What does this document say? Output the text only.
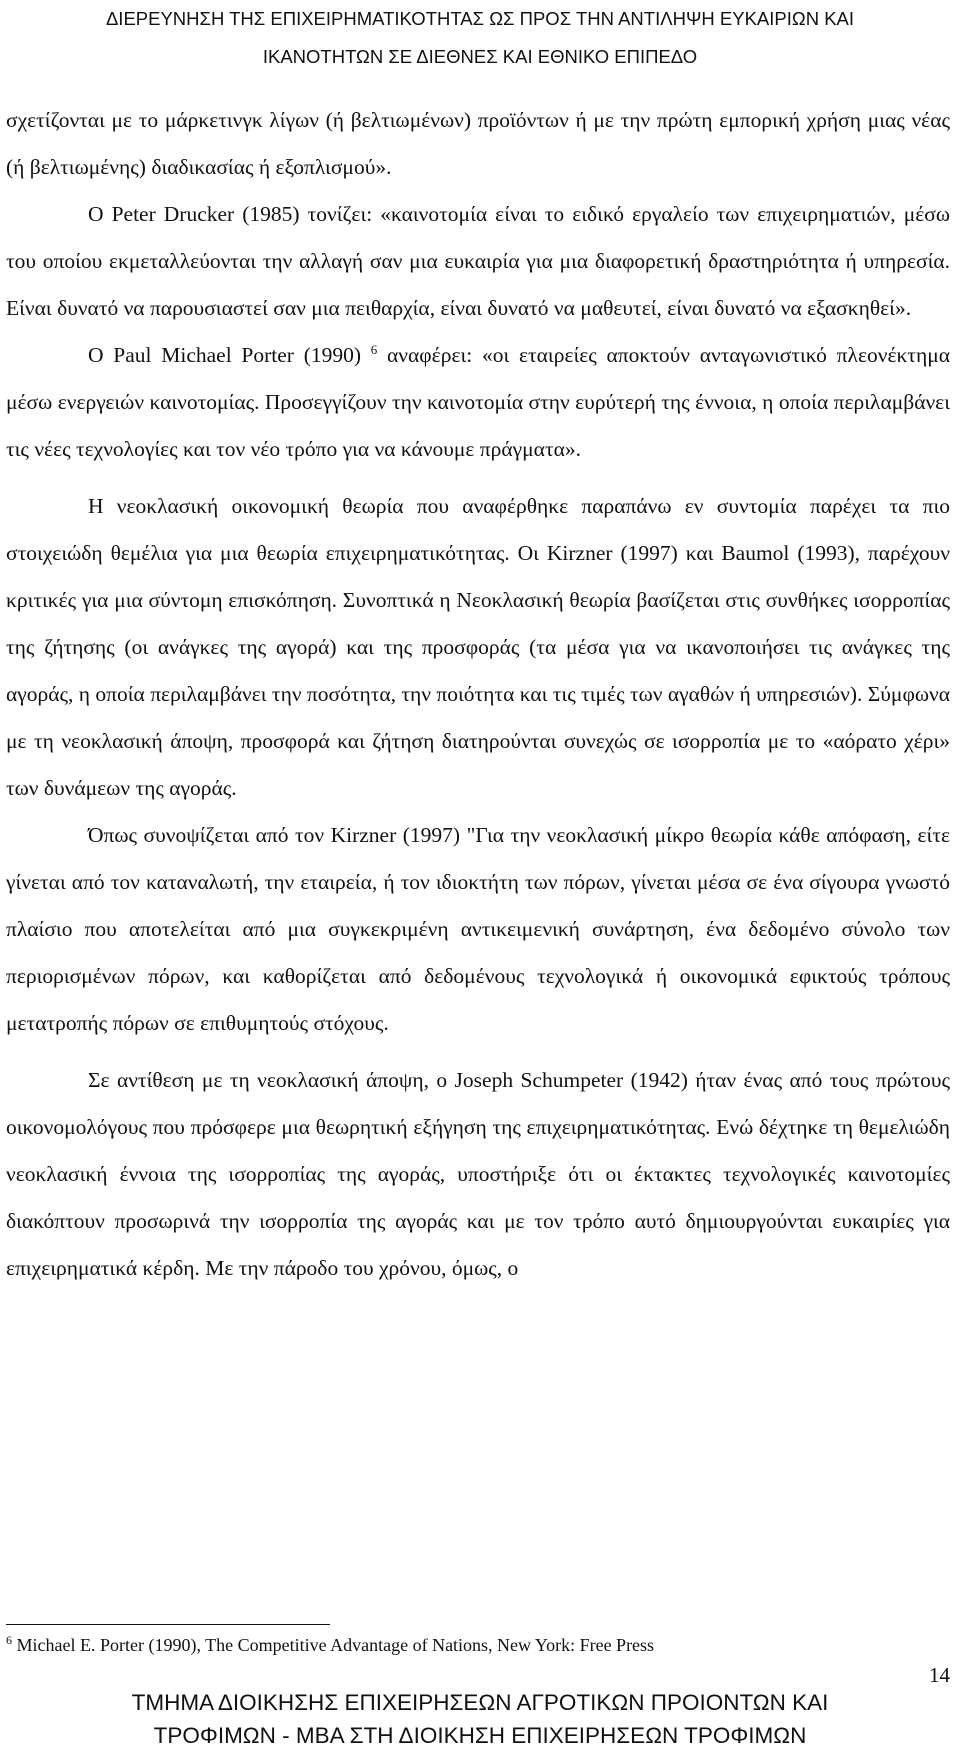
ΔΙΕΡΕΥΝΗΣΗ ΤΗΣ ΕΠΙΧΕΙΡΗΜΑΤΙΚΟΤΗΤΑΣ ΩΣ ΠΡΟΣ ΤΗΝ ΑΝΤΙΛΗΨΗ ΕΥΚΑΙΡΙΩΝ ΚΑΙ
ΙΚΑΝΟΤΗΤΩΝ ΣΕ ΔΙΕΘΝΕΣ ΚΑΙ ΕΘΝΙΚΟ ΕΠΙΠΕΔΟ

σχετίζονται με το μάρκετινγκ λίγων (ή βελτιωμένων) προϊόντων ή με την πρώτη εμπορική χρήση μιας νέας (ή βελτιωμένης) διαδικασίας ή εξοπλισμού».

Ο Peter Drucker (1985) τονίζει: «καινοτομία είναι το ειδικό εργαλείο των επιχειρηματιών, μέσω του οποίου εκμεταλλεύονται την αλλαγή σαν μια ευκαιρία για μια διαφορετική δραστηριότητα ή υπηρεσία. Είναι δυνατό να παρουσιαστεί σαν μια πειθαρχία, είναι δυνατό να μαθευτεί, είναι δυνατό να εξασκηθεί».

Ο Paul Michael Porter (1990) $^6$ αναφέρει: «οι εταιρείες αποκτούν ανταγωνιστικό πλεονέκτημα μέσω ενεργειών καινοτομίας. Προσεγγίζουν την καινοτομία στην ευρύτερή της έννοια, η οποία περιλαμβάνει τις νέες τεχνολογίες και τον νέο τρόπο για να κάνουμε πράγματα».

Η νεοκλασική οικονομική θεωρία που αναφέρθηκε παραπάνω εν συντομία παρέχει τα πιο στοιχειώδη θεμέλια για μια θεωρία επιχειρηματικότητας. Οι Kirzner (1997) και Baumol (1993), παρέχουν κριτικές για μια σύντομη επισκόπηση. Συνοπτικά η Νεοκλασική θεωρία βασίζεται στις συνθήκες ισορροπίας της ζήτησης (οι ανάγκες της αγορά) και της προσφοράς (τα μέσα για να ικανοποιήσει τις ανάγκες της αγοράς, η οποία περιλαμβάνει την ποσότητα, την ποιότητα και τις τιμές των αγαθών ή υπηρεσιών). Σύμφωνα με τη νεοκλασική άποψη, προσφορά και ζήτηση διατηρούνται συνεχώς σε ισορροπία με το «αόρατο χέρι» των δυνάμεων της αγοράς.

Όπως συνοψίζεται από τον Kirzner (1997) "Για την νεοκλασική μίκρο θεωρία κάθε απόφαση, είτε γίνεται από τον καταναλωτή, την εταιρεία, ή τον ιδιοκτήτη των πόρων, γίνεται μέσα σε ένα σίγουρα γνωστό πλαίσιο που αποτελείται από μια συγκεκριμένη αντικειμενική συνάρτηση, ένα δεδομένο σύνολο των περιορισμένων πόρων, και καθορίζεται από δεδομένους τεχνολογικά ή οικονομικά εφικτούς τρόπους μετατροπής πόρων σε επιθυμητούς στόχους.

Σε αντίθεση με τη νεοκλασική άποψη, ο Joseph Schumpeter (1942) ήταν ένας από τους πρώτους οικονομολόγους που πρόσφερε μια θεωρητική εξήγηση της επιχειρηματικότητας. Ενώ δέχτηκε τη θεμελιώδη νεοκλασική έννοια της ισορροπίας της αγοράς, υποστήριξε ότι οι έκτακτες τεχνολογικές καινοτομίες διακόπτουν προσωρινά την ισορροπία της αγοράς και με τον τρόπο αυτό δημιουργούνται ευκαιρίες για επιχειρηματικά κέρδη. Με την πάροδο του χρόνου, όμως, ο

$^6$ Michael E. Porter (1990), The Competitive Advantage of Nations, New York: Free Press
14
ΤΜΗΜΑ ΔΙΟΙΚΗΣΗΣ ΕΠΙΧΕΙΡΗΣΕΩΝ ΑΓΡΟΤΙΚΩΝ ΠΡΟΙΟΝΤΩΝ ΚΑΙ
ΤΡΟΦΙΜΩΝ - ΜΒΑ ΣΤΗ ΔΙΟΙΚΗΣΗ ΕΠΙΧΕΙΡΗΣΕΩΝ ΤΡΟΦΙΜΩΝ
